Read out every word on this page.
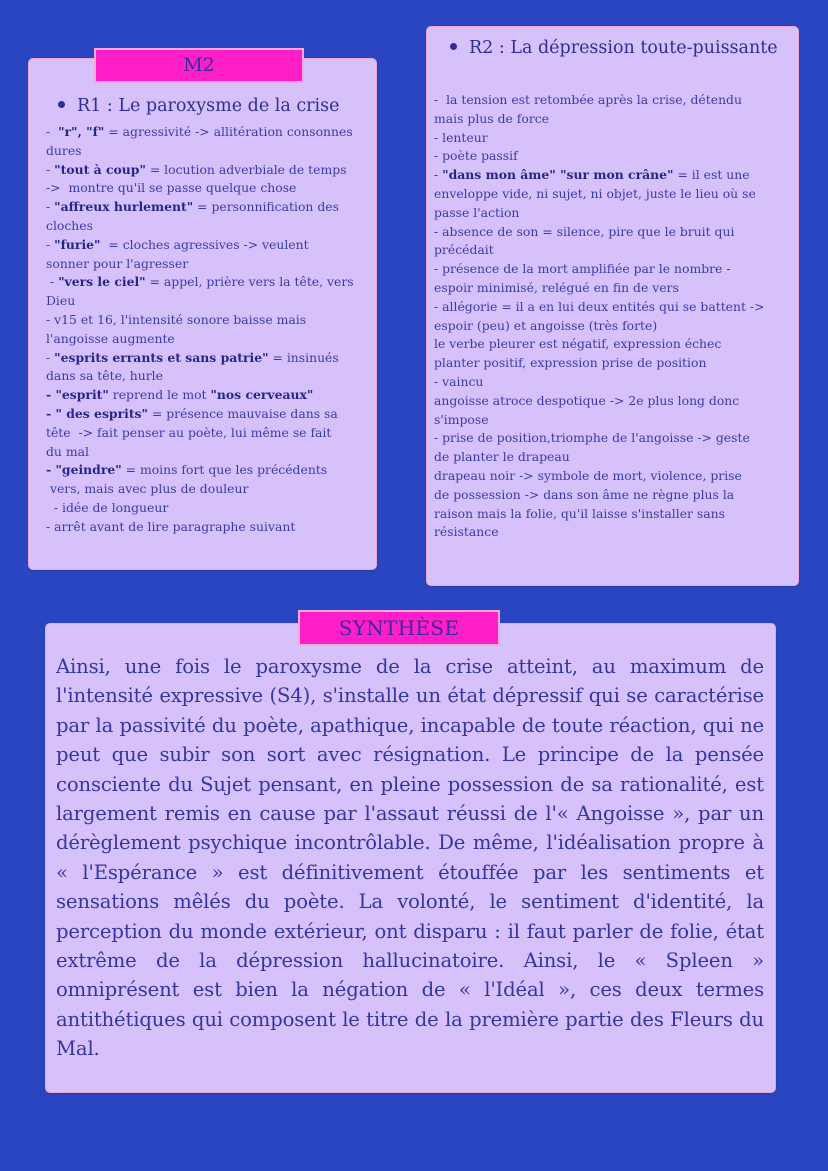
M2
R1 : Le paroxysme de la crise
-  "r", "f" = agressivité -> allitération consonnes
dures
- "tout à coup" = locution adverbiale de temps
->  montre qu'il se passe quelque chose
- "affreux hurlement" = personnification des
cloches
- "furie"  = cloches agressives -> veulent
sonner pour l'agresser
- "vers le ciel" = appel, prière vers la tête, vers
Dieu
- v15 et 16, l'intensité sonore baisse mais
l'angoisse augmente
- "esprits errants et sans patrie" = insinués
dans sa tête, hurle
- "esprit" reprend le mot "nos cerveaux"
- " des esprits" = présence mauvaise dans sa
tête  -> fait penser au poète, lui même se fait
du mal
- "geindre" = moins fort que les précédents
vers, mais avec plus de douleur
- idée de longueur
- arrêt avant de lire paragraphe suivant
R2 : La dépression toute-puissante
-  la tension est retombée après la crise, détendu
mais plus de force
- lenteur
- poète passif
- "dans mon âme" "sur mon crâne" = il est une
enveloppe vide, ni sujet, ni objet, juste le lieu où se
passe l'action
- absence de son = silence, pire que le bruit qui
précédait
- présence de la mort amplifiée par le nombre -
espoir minimisé, relégué en fin de vers
- allégorie = il a en lui deux entités qui se battent ->
espoir (peu) et angoisse (très forte)
le verbe pleurer est négatif, expression échec
planter positif, expression prise de position
- vaincu
angoisse atroce despotique -> 2e plus long donc
s'impose
- prise de position,triomphe de l'angoisse -> geste
de planter le drapeau
drapeau noir -> symbole de mort, violence, prise
de possession -> dans son âme ne règne plus la
raison mais la folie, qu'il laisse s'installer sans
résistance
SYNTHÈSE
Ainsi, une fois le paroxysme de la crise atteint, au maximum de l'intensité expressive (S4), s'installe un état dépressif qui se caractérise par la passivité du poète, apathique, incapable de toute réaction, qui ne peut que subir son sort avec résignation. Le principe de la pensée consciente du Sujet pensant, en pleine possession de sa rationalité, est largement remis en cause par l'assaut réussi de l'« Angoisse », par un dérèglement psychique incontrôlable. De même, l'idéalisation propre à « l'Espérance » est définitivement étouffée par les sentiments et sensations mêlés du poète. La volonté, le sentiment d'identité, la perception du monde extérieur, ont disparu : il faut parler de folie, état extrême de la dépression hallucinatoire. Ainsi, le « Spleen » omniprésent est bien la négation de « l'Idéal », ces deux termes antithétiques qui composent le titre de la première partie des Fleurs du Mal.
